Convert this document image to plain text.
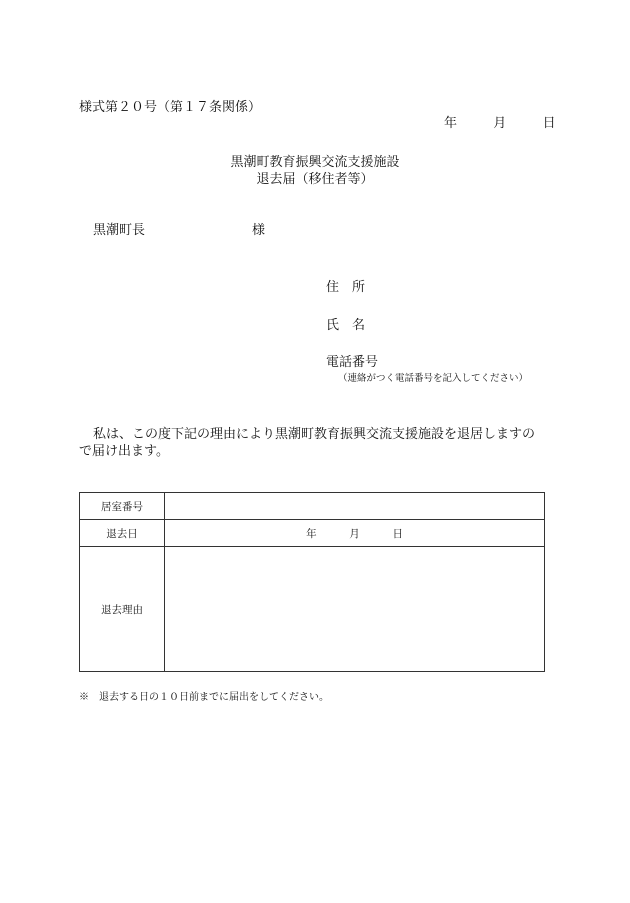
様式第２０号（第１７条関係）
年	月	日
黒潮町教育振興交流支援施設
退去届（移住者等）
黒潮町長	様
住　所
氏　名
電話番号
（連絡がつく電話番号を記入してください）
私は、この度下記の理由により黒潮町教育振興交流支援施設を退居しますの
で届け出ます。
居室番号	
退去日	年 月 日
退去理由	
※　退去する日の１０日前までに届出をしてください。
